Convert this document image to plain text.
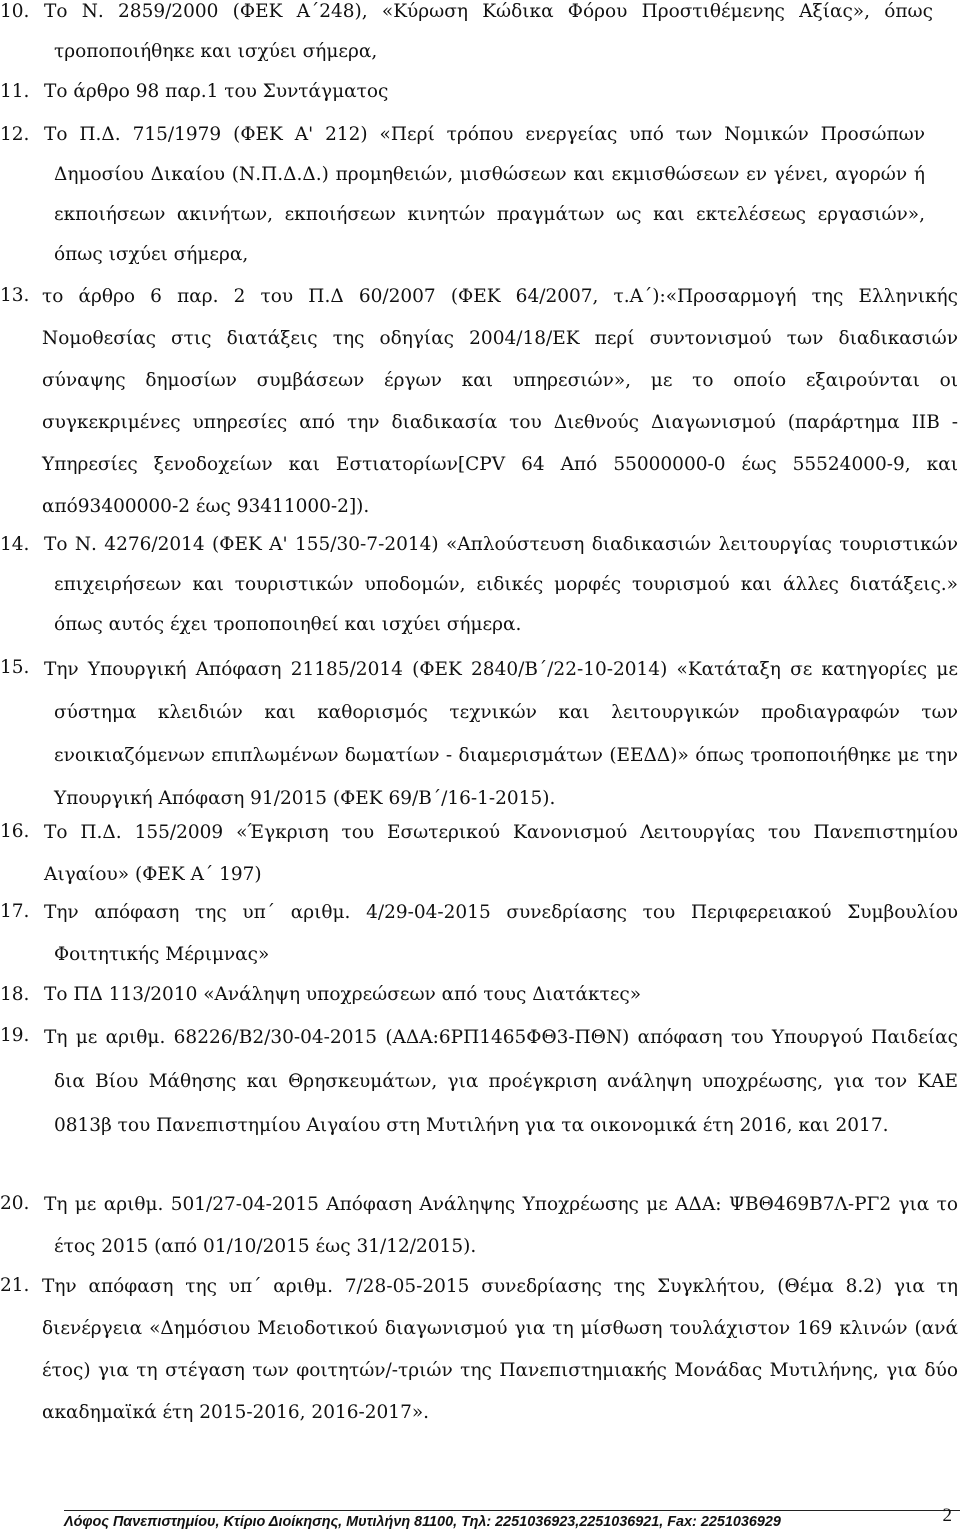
10. Το Ν. 2859/2000 (ΦΕΚ Α΄248), «Κύρωση Κώδικα Φόρου Προστιθέμενης Αξίας», όπως τροποποιήθηκε και ισχύει σήμερα,
11. Το άρθρο 98 παρ.1 του Συντάγματος
12. Το Π.Δ. 715/1979 (ΦΕΚ Α' 212) «Περί τρόπου ενεργείας υπό των Νομικών Προσώπων Δημοσίου Δικαίου (Ν.Π.Δ.Δ.) προμηθειών, μισθώσεων και εκμισθώσεων εν γένει, αγορών ή εκποιήσεων ακινήτων, εκποιήσεων κινητών πραγμάτων ως και εκτελέσεως εργασιών», όπως ισχύει σήμερα,
13. το άρθρο 6 παρ. 2 του Π.Δ 60/2007 (ΦΕΚ 64/2007, τ.Α΄):«Προσαρμογή της Ελληνικής Νομοθεσίας στις διατάξεις της οδηγίας 2004/18/ΕΚ περί συντονισμού των διαδικασιών σύναψης δημοσίων συμβάσεων έργων και υπηρεσιών», με το οποίο εξαιρούνται οι συγκεκριμένες υπηρεσίες από την διαδικασία του Διεθνούς Διαγωνισμού (παράρτημα ΙΙΒ - Υπηρεσίες ξενοδοχείων και Εστιατορίων[CPV 64 Από 55000000-0 έως 55524000-9, και από93400000-2 έως 93411000-2]).
14. Το Ν. 4276/2014 (ΦΕΚ Α' 155/30-7-2014) «Απλούστευση διαδικασιών λειτουργίας τουριστικών επιχειρήσεων και τουριστικών υποδομών, ειδικές μορφές τουρισμού και άλλες διατάξεις.» όπως αυτός έχει τροποποιηθεί και ισχύει σήμερα.
15. Την Υπουργική Απόφαση 21185/2014 (ΦΕΚ 2840/Β΄/22-10-2014) «Κατάταξη σε κατηγορίες με σύστημα κλειδιών και καθορισμός τεχνικών και λειτουργικών προδιαγραφών των ενοικιαζόμενων επιπλωμένων δωματίων - διαμερισμάτων (ΕΕΔΔ)» όπως τροποποιήθηκε με την Υπουργική Απόφαση 91/2015 (ΦΕΚ 69/Β΄/16-1-2015).
16. Το Π.Δ. 155/2009 «Έγκριση του Εσωτερικού Κανονισμού Λειτουργίας του Πανεπιστημίου Αιγαίου» (ΦΕΚ Α΄ 197)
17. Την απόφαση της υπ΄ αριθμ. 4/29-04-2015 συνεδρίασης του Περιφερειακού Συμβουλίου Φοιτητικής Μέριμνας»
18. Το ΠΔ 113/2010 «Ανάληψη υποχρεώσεων από τους Διατάκτες»
19. Τη με αριθμ. 68226/Β2/30-04-2015 (ΑΔΑ:6ΡΠ1465ΦΘ3-ΠΘΝ) απόφαση του Υπουργού Παιδείας δια Βίου Μάθησης και Θρησκευμάτων, για προέγκριση ανάληψη υποχρέωσης, για τον ΚΑΕ 0813β του Πανεπιστημίου Αιγαίου στη Μυτιλήνη για τα οικονομικά έτη 2016, και 2017.
20. Τη με αριθμ. 501/27-04-2015 Απόφαση Ανάληψης Υποχρέωσης με ΑΔΑ: ΨΒΘ469Β7Λ-ΡΓ2 για το έτος 2015 (από 01/10/2015 έως 31/12/2015).
21. Την απόφαση της υπ΄ αριθμ. 7/28-05-2015 συνεδρίασης της Συγκλήτου, (Θέμα 8.2) για τη διενέργεια «Δημόσιου Μειοδοτικού διαγωνισμού για τη μίσθωση τουλάχιστον 169 κλινών (ανά έτος) για τη στέγαση των φοιτητών/-τριών της Πανεπιστημιακής Μονάδας Μυτιλήνης, για δύο ακαδημαϊκά έτη 2015-2016, 2016-2017».
Λόφος Πανεπιστημίου, Κτίριο Διοίκησης, Μυτιλήνη 81100, Τηλ: 2251036923,2251036921, Fax: 2251036929	2
